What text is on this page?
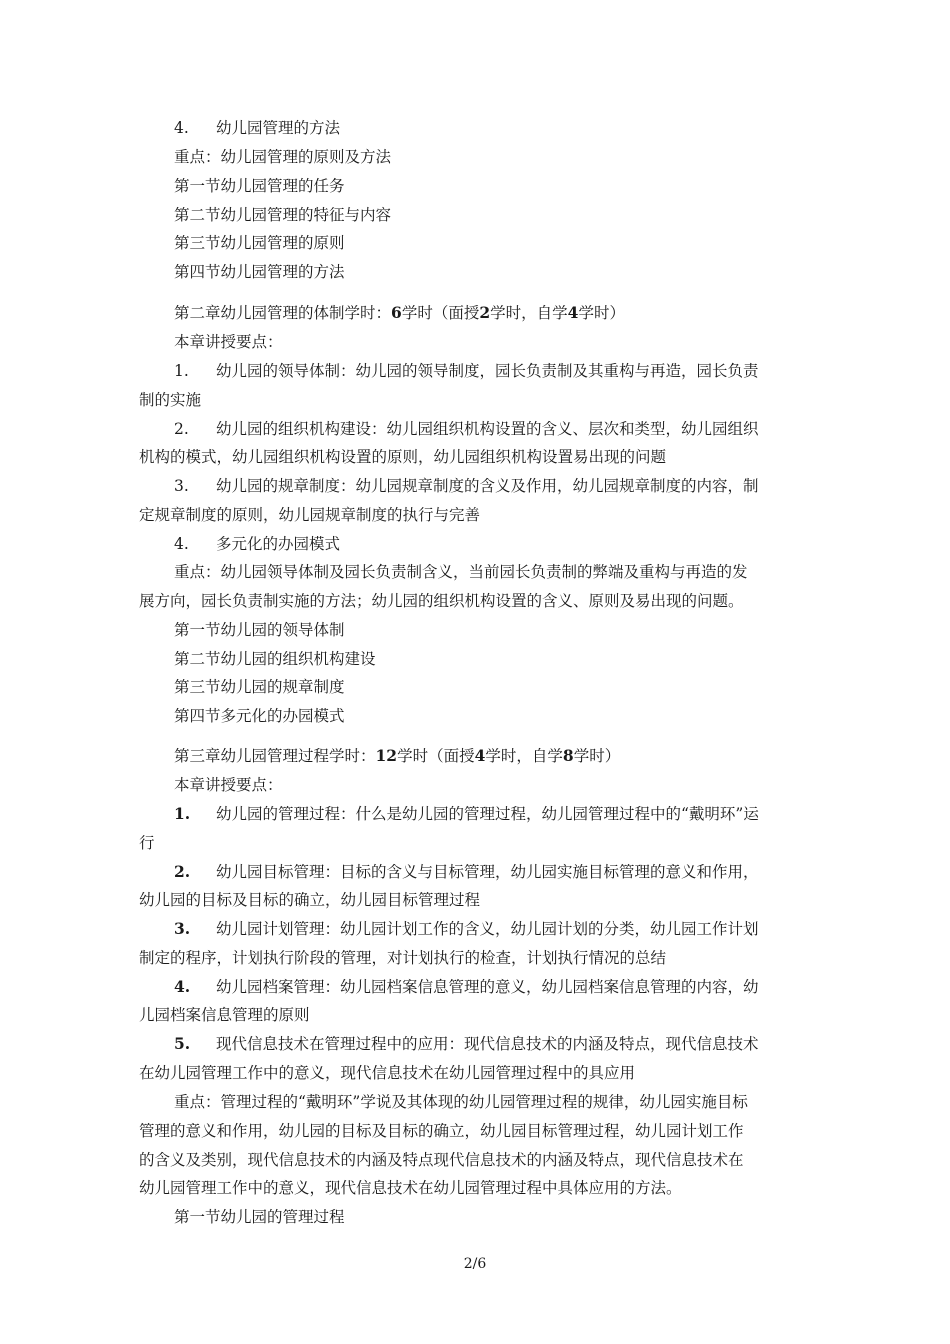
4. 幼儿园管理的方法
重点：幼儿园管理的原则及方法
第一节幼儿园管理的任务
第二节幼儿园管理的特征与内容
第三节幼儿园管理的原则
第四节幼儿园管理的方法
第二章幼儿园管理的体制学时：6学时（面授2学时，自学4学时）
本章讲授要点：
1. 幼儿园的领导体制：幼儿园的领导制度，园长负责制及其重构与再造，园长负责
制的实施
2. 幼儿园的组织机构建设：幼儿园组织机构设置的含义、层次和类型，幼儿园组织
机构的模式，幼儿园组织机构设置的原则，幼儿园组织机构设置易出现的问题
3. 幼儿园的规章制度：幼儿园规章制度的含义及作用，幼儿园规章制度的内容，制
定规章制度的原则，幼儿园规章制度的执行与完善
4. 多元化的办园模式
重点：幼儿园领导体制及园长负责制含义，当前园长负责制的弊端及重构与再造的发
展方向，园长负责制实施的方法；幼儿园的组织机构设置的含义、原则及易出现的问题。
第一节幼儿园的领导体制
第二节幼儿园的组织机构建设
第三节幼儿园的规章制度
第四节多元化的办园模式
第三章幼儿园管理过程学时：12学时（面授4学时，自学8学时）
本章讲授要点：
1. 幼儿园的管理过程：什么是幼儿园的管理过程，幼儿园管理过程中的“戴明环”运
行
2. 幼儿园目标管理：目标的含义与目标管理，幼儿园实施目标管理的意义和作用，
幼儿园的目标及目标的确立，幼儿园目标管理过程
3. 幼儿园计划管理：幼儿园计划工作的含义，幼儿园计划的分类，幼儿园工作计划
制定的程序，计划执行阶段的管理，对计划执行的检查，计划执行情况的总结
4. 幼儿园档案管理：幼儿园档案信息管理的意义，幼儿园档案信息管理的内容，幼
儿园档案信息管理的原则
5. 现代信息技术在管理过程中的应用：现代信息技术的内涵及特点，现代信息技术
在幼儿园管理工作中的意义，现代信息技术在幼儿园管理过程中的具应用
重点：管理过程的“戴明环”学说及其体现的幼儿园管理过程的规律，幼儿园实施目标
管理的意义和作用，幼儿园的目标及目标的确立，幼儿园目标管理过程，幼儿园计划工作
的含义及类别，现代信息技术的内涵及特点现代信息技术的内涵及特点，现代信息技术在
幼儿园管理工作中的意义，现代信息技术在幼儿园管理过程中具体应用的方法。
第一节幼儿园的管理过程
2/6
